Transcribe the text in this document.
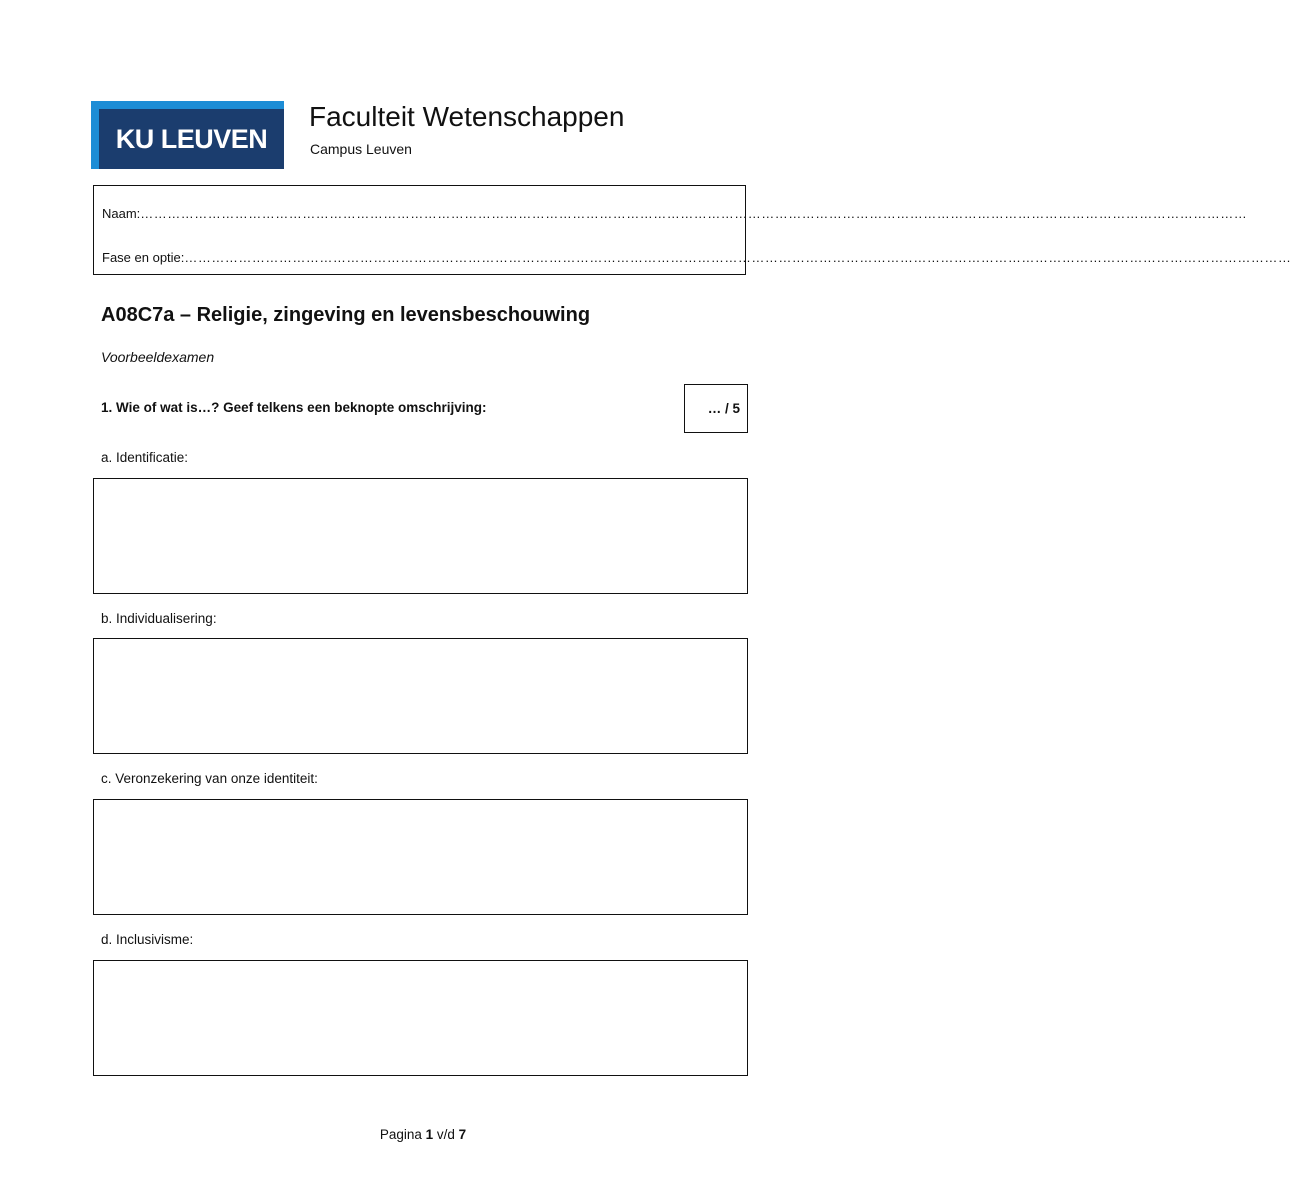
KU LEUVEN
Faculteit Wetenschappen
Campus Leuven
Naam: …………………………………………………………………………………………………………………………………………………………………………………………………………………………
Fase en optie: …………………………………………………………………………………………………………………………………………………………………………………………………………………………
A08C7a – Religie, zingeving en levensbeschouwing
Voorbeeldexamen
1. Wie of wat is…? Geef telkens een beknopte omschrijving:	… / 5
a. Identificatie:
b. Individualisering:
c. Veronzekering van onze identiteit:
d. Inclusivisme:
Pagina 1 v/d 7
